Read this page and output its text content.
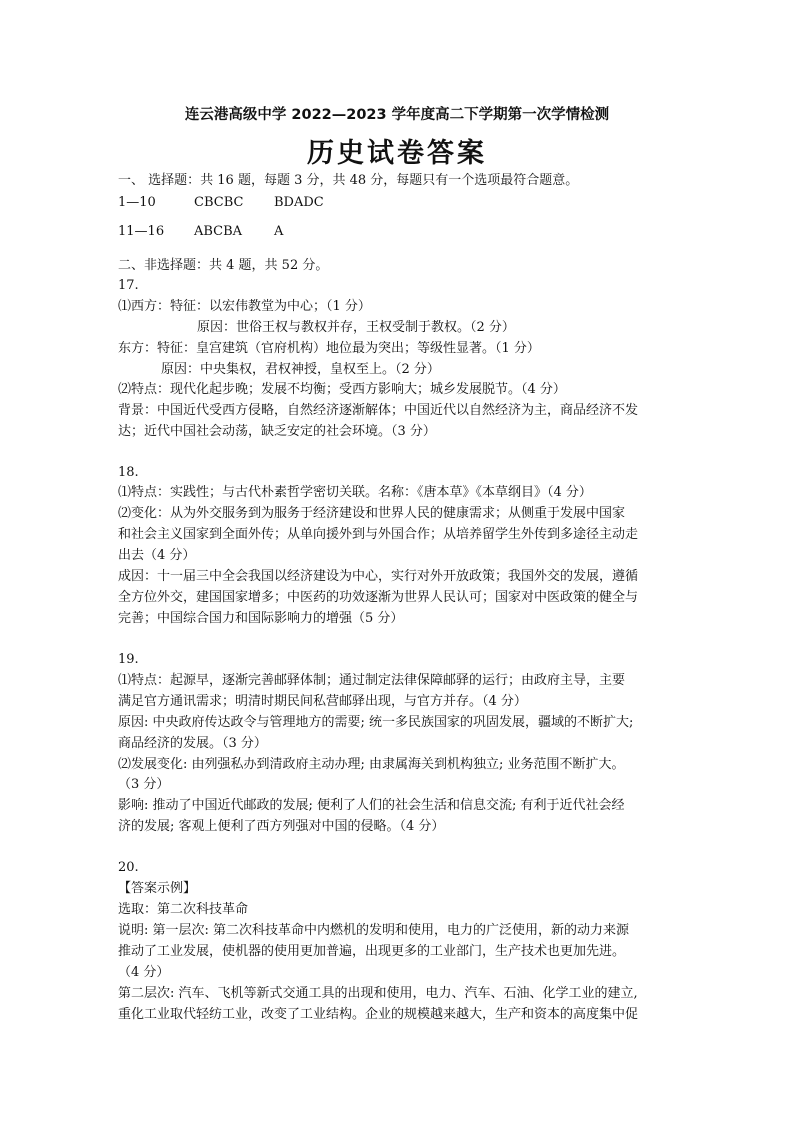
连云港高级中学 2022—2023 学年度高二下学期第一次学情检测
历史试卷答案
一、 选择题：共 16 题，每题 3 分，共 48 分，每题只有一个选项最符合题意。
1—10	CBCBC BDADC
11—16 ABCBA A
二、非选择题：共 4 题，共 52 分。
17.
⑴西方：特征：以宏伟教堂为中心；（1 分）
原因：世俗王权与教权并存，王权受制于教权。（2 分）
东方：特征：皇宫建筑（官府机构）地位最为突出；等级性显著。（1 分）
原因：中央集权，君权神授，皇权至上。（2 分）
⑵特点：现代化起步晚；发展不均衡；受西方影响大；城乡发展脱节。（4 分）
背景：中国近代受西方侵略，自然经济逐渐解体；中国近代以自然经济为主，商品经济不发
达；近代中国社会动荡，缺乏安定的社会环境。（3 分）
18.
⑴特点：实践性；与古代朴素哲学密切关联。名称：《唐本草》《本草纲目》（4 分）
⑵变化：从为外交服务到为服务于经济建设和世界人民的健康需求；从侧重于发展中国家
和社会主义国家到全面外传；从单向援外到与外国合作；从培养留学生外传到多途径主动走
出去（4 分）
成因：十一届三中全会我国以经济建设为中心，实行对外开放政策；我国外交的发展，遵循
全方位外交，建国国家增多；中医药的功效逐渐为世界人民认可；国家对中医政策的健全与
完善；中国综合国力和国际影响力的增强（5 分）
19.
⑴特点：起源早，逐渐完善邮驿体制；通过制定法律保障邮驿的运行；由政府主导，主要
满足官方通讯需求；明清时期民间私营邮驿出现，与官方并存。（4 分）
原因: 中央政府传达政令与管理地方的需要; 统一多民族国家的巩固发展，疆域的不断扩大;
商品经济的发展。（3 分）
⑵发展变化: 由列强私办到清政府主动办理; 由隶属海关到机构独立; 业务范围不断扩大。
（3 分）
影响: 推动了中国近代邮政的发展; 便利了人们的社会生活和信息交流; 有利于近代社会经
济的发展; 客观上便利了西方列强对中国的侵略。（4 分）
20.
【答案示例】
选取：第二次科技革命
说明: 第一层次: 第二次科技革命中内燃机的发明和使用，电力的广泛使用，新的动力来源
推动了工业发展，使机器的使用更加普遍，出现更多的工业部门，生产技术也更加先进。
（4 分）
第二层次: 汽车、飞机等新式交通工具的出现和使用，电力、汽车、石油、化学工业的建立,
重化工业取代轻纺工业，改变了工业结构。企业的规模越来越大，生产和资本的高度集中促
